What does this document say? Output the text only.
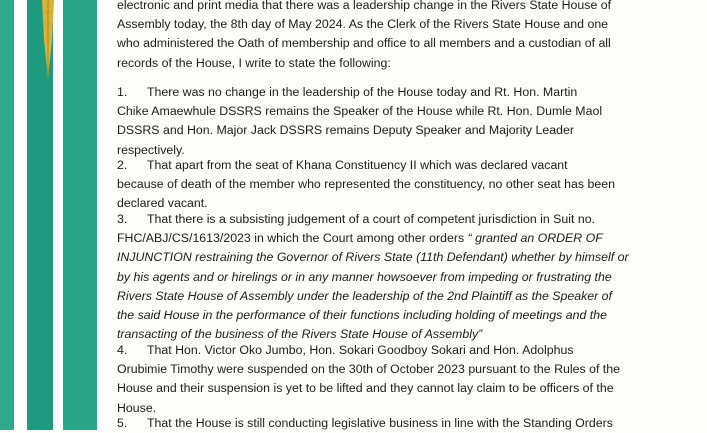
electronic and print media that there was a leadership change in the Rivers State House of

Assembly today, the 8th day of May 2024. As the Clerk of the Rivers State House and one

who administered the Oath of membership and office to all members and a custodian of all

records of the House, I write to state the following:

1. There was no change in the leadership of the House today and Rt. Hon. Martin

Chike Amaewhule DSSRS remains the Speaker of the House while Rt. Hon. Dumle Maol

DSSRS and Hon. Major Jack DSSRS remains Deputy Speaker and Majority Leader

respectively.

2. That apart from the seat of Khana Constituency II which was declared vacant

because of death of the member who represented the constituency, no other seat has been

declared vacant.

3. That there is a subsisting judgement of a court of competent jurisdiction in Suit no.

FHC/ABJ/CS/1613/2023 in which the Court among other orders “ granted an ORDER OF

INJUNCTION restraining the Governor of Rivers State (11th Defendant) whether by himself or

by his agents and or hirelings or in any manner howsoever from impeding or frustrating the

Rivers State House of Assembly under the leadership of the 2nd Plaintiff as the Speaker of

the said House in the performance of their functions including holding of meetings and the

transacting of the business of the Rivers State House of Assembly”

4. That Hon. Victor Oko Jumbo, Hon. Sokari Goodboy Sokari and Hon. Adolphus

Orubimie Timothy were suspended on the 30th of October 2023 pursuant to the Rules of the

House and their suspension is yet to be lifted and they cannot lay claim to be officers of the

House.

5. That the House is still conducting legislative business in line with the Standing Orders
